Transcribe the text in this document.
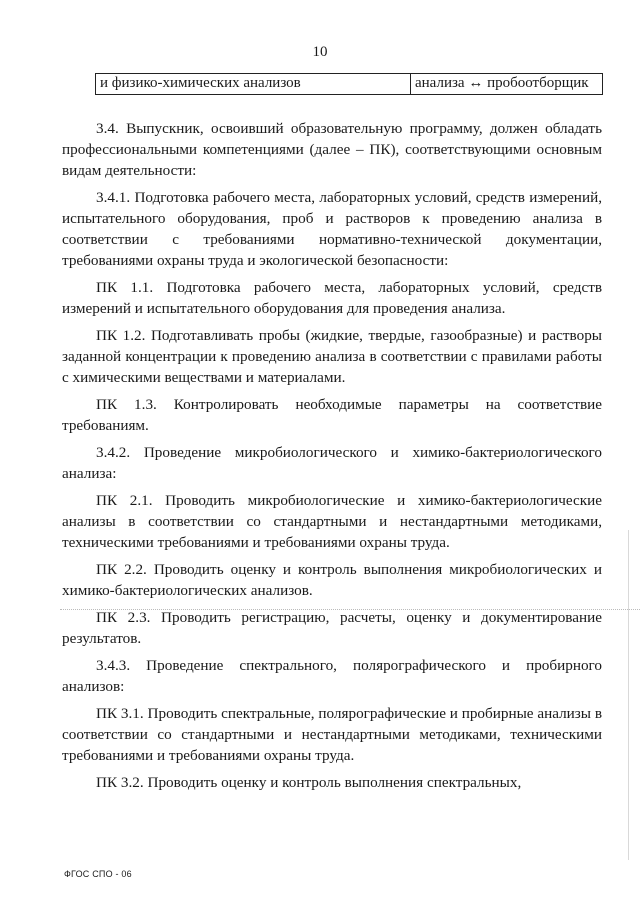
10
и физико-химических анализов	анализа ↔ пробоотборщик

3.4. Выпускник, освоивший образовательную программу, должен обладать профессиональными компетенциями (далее – ПК), соответствующими основным видам деятельности:

3.4.1. Подготовка рабочего места, лабораторных условий, средств измерений, испытательного оборудования, проб и растворов к проведению анализа в соответствии с требованиями нормативно-технической документации, требованиями охраны труда и экологической безопасности:

ПК 1.1. Подготовка рабочего места, лабораторных условий, средств измерений и испытательного оборудования для проведения анализа.

ПК 1.2. Подготавливать пробы (жидкие, твердые, газообразные) и растворы заданной концентрации к проведению анализа в соответствии с правилами работы с химическими веществами и материалами.

ПК 1.3. Контролировать необходимые параметры на соответствие требованиям.

3.4.2. Проведение микробиологического и химико-бактериологического анализа:

ПК 2.1. Проводить микробиологические и химико-бактериологические анализы в соответствии со стандартными и нестандартными методиками, техническими требованиями и требованиями охраны труда.

ПК 2.2. Проводить оценку и контроль выполнения микробиологических и химико-бактериологических анализов.

ПК 2.3. Проводить регистрацию, расчеты, оценку и документирование результатов.

3.4.3. Проведение спектрального, полярографического и пробирного анализов:

ПК 3.1. Проводить спектральные, полярографические и пробирные анализы в соответствии со стандартными и нестандартными методиками, техническими требованиями и требованиями охраны труда.

ПК 3.2. Проводить оценку и контроль выполнения спектральных,

ФГОС СПО - 06
